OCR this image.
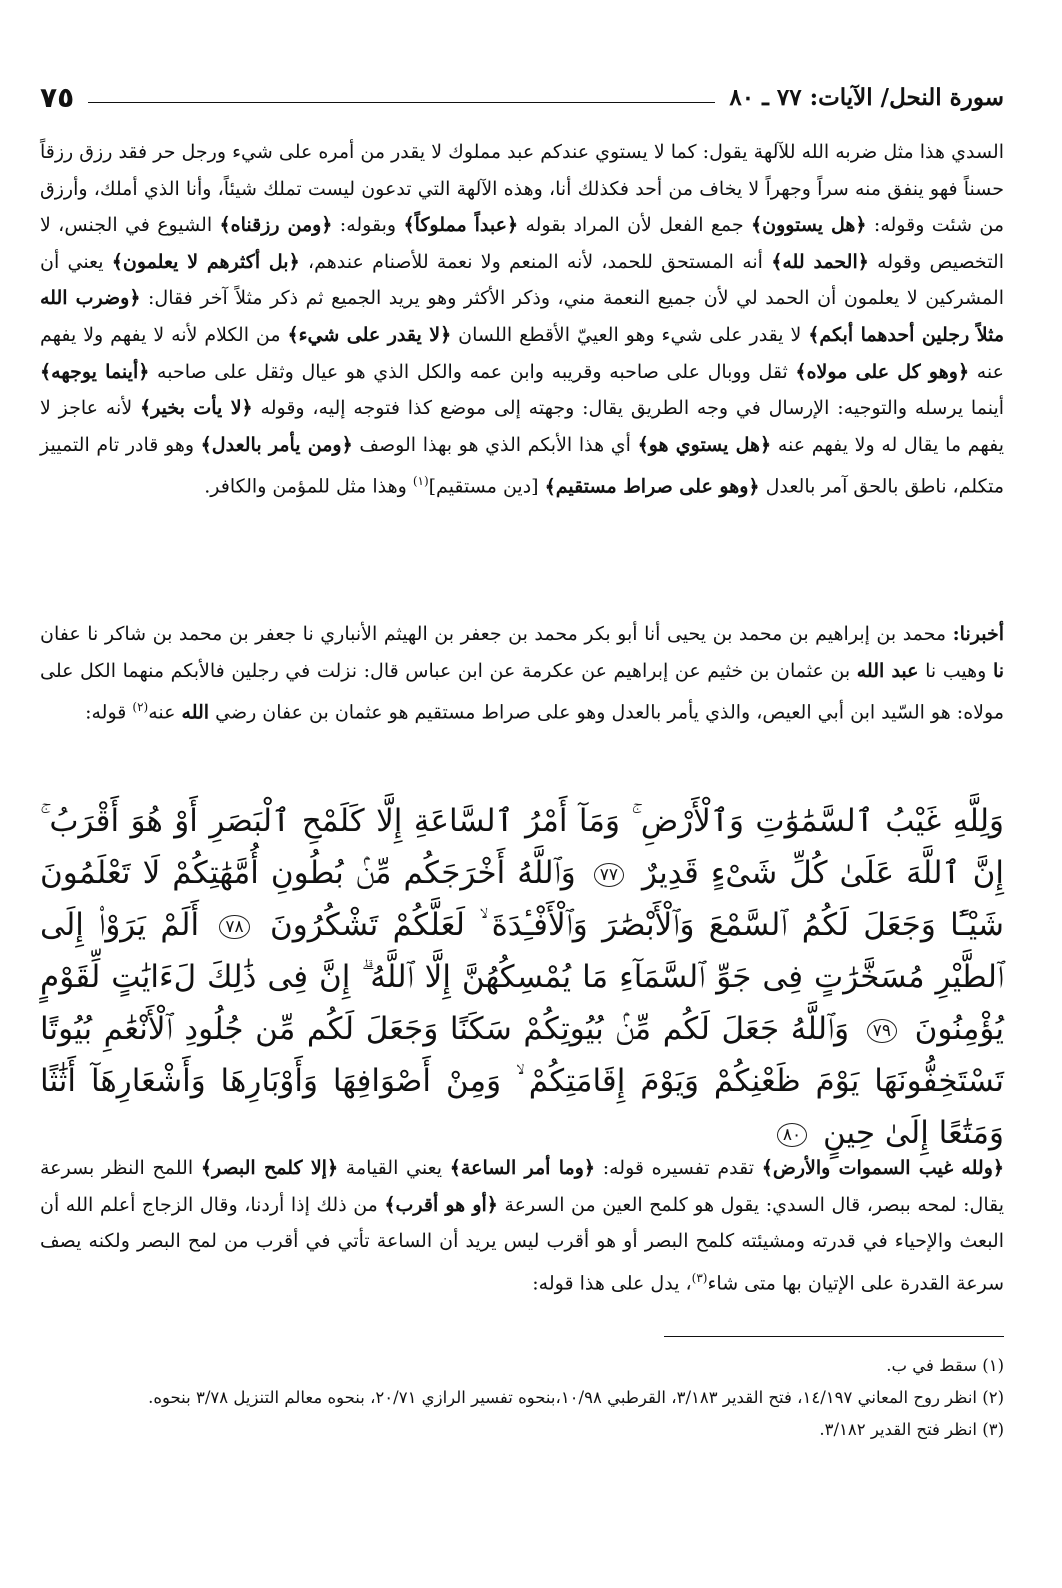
سورة النحل/ الآيات: ٧٧ ـ ٨٠
٧٥

السدي هذا مثل ضربه الله للآلهة يقول: كما لا يستوي عندكم عبد مملوك لا يقدر من أمره على شيء ورجل حر فقد رزق رزقاً حسناً فهو ينفق منه سراً وجهراً لا يخاف من أحد فكذلك أنا، وهذه الآلهة التي تدعون ليست تملك شيئاً، وأنا الذي أملك، وأرزق من شئت وقوله: ﴿ هل يستوون ﴾ جمع الفعل لأن المراد بقوله ﴿ عبداً مملوكاً ﴾ وبقوله: ﴿ ومن رزقناه ﴾ الشيوع في الجنس، لا التخصيص وقوله ﴿ الحمد لله ﴾ أنه المستحق للحمد، لأنه المنعم ولا نعمة للأصنام عندهم، ﴿ بل أكثرهم لا يعلمون ﴾ يعني أن المشركين لا يعلمون أن الحمد لي لأن جميع النعمة مني، وذكر الأكثر وهو يريد الجميع ثم ذكر مثلاً آخر فقال: ﴿ وضرب الله مثلاً رجلين أحدهما أبكم ﴾ لا يقدر على شيء وهو العييّ الأقطع اللسان ﴿ لا يقدر على شيء ﴾ من الكلام لأنه لا يفهم ولا يفهم عنه ﴿ وهو كل على مولاه ﴾ ثقل ووبال على صاحبه وقريبه وابن عمه والكل الذي هو عيال وثقل على صاحبه ﴿ أينما يوجهه ﴾ أينما يرسله والتوجيه: الإرسال في وجه الطريق يقال: وجهته إلى موضع كذا فتوجه إليه، وقوله ﴿ لا يأت بخير ﴾ لأنه عاجز لا يفهم ما يقال له ولا يفهم عنه ﴿ هل يستوي هو ﴾ أي هذا الأبكم الذي هو بهذا الوصف ﴿ ومن يأمر بالعدل ﴾ وهو قادر تام التمييز متكلم، ناطق بالحق آمر بالعدل ﴿ وهو على صراط مستقيم ﴾ [دين مستقيم]$^{(١)}$ وهذا مثل للمؤمن والكافر.

أخبرنا: محمد بن إبراهيم بن محمد بن يحيى أنا أبو بكر محمد بن جعفر بن الهيثم الأنباري نا جعفر بن محمد بن شاكر نا عفان نا وهيب نا عبد الله بن عثمان بن خثيم عن إبراهيم عن عكرمة عن ابن عباس قال: نزلت في رجلين فالأبكم منهما الكل على مولاه: هو السّيد ابن أبي العيص، والذي يأمر بالعدل وهو على صراط مستقيم هو عثمان بن عفان رضي الله عنه$^{(٢)}$ قوله:

وَلِلَّهِ غَيْبُ ٱلسَّمَٰوَٰتِ وَٱلْأَرْضِ ۚ وَمَآ أَمْرُ ٱلسَّاعَةِ إِلَّا كَلَمْحِ ٱلْبَصَرِ أَوْ هُوَ أَقْرَبُ ۚ إِنَّ ٱللَّهَ عَلَىٰ كُلِّ شَىْءٍ قَدِيرٌ ٧٧ وَٱللَّهُ أَخْرَجَكُم مِّنۢ بُطُونِ أُمَّهَٰتِكُمْ لَا تَعْلَمُونَ شَيْـًٔا وَجَعَلَ لَكُمُ ٱلسَّمْعَ وَٱلْأَبْصَٰرَ وَٱلْأَفْـِٔدَةَ ۙ لَعَلَّكُمْ تَشْكُرُونَ ٧٨ أَلَمْ يَرَوْا۟ إِلَى ٱلطَّيْرِ مُسَخَّرَٰتٍ فِى جَوِّ ٱلسَّمَآءِ مَا يُمْسِكُهُنَّ إِلَّا ٱللَّهُ ۗ إِنَّ فِى ذَٰلِكَ لَءَايَٰتٍ لِّقَوْمٍ يُؤْمِنُونَ ٧٩ وَٱللَّهُ جَعَلَ لَكُم مِّنۢ بُيُوتِكُمْ سَكَنًا وَجَعَلَ لَكُم مِّن جُلُودِ ٱلْأَنْعَٰمِ بُيُوتًا تَسْتَخِفُّونَهَا يَوْمَ ظَعْنِكُمْ وَيَوْمَ إِقَامَتِكُمْ ۙ وَمِنْ أَصْوَافِهَا وَأَوْبَارِهَا وَأَشْعَارِهَآ أَثَٰثًا وَمَتَٰعًا إِلَىٰ حِينٍ ٨٠

﴿ ولله غيب السموات والأرض ﴾ تقدم تفسيره قوله: ﴿ وما أمر الساعة ﴾ يعني القيامة ﴿ إلا كلمح البصر ﴾ اللمح النظر بسرعة يقال: لمحه ببصر، قال السدي: يقول هو كلمح العين من السرعة ﴿ أو هو أقرب ﴾ من ذلك إذا أردنا، وقال الزجاج أعلم الله أن البعث والإحياء في قدرته ومشيئته كلمح البصر أو هو أقرب ليس يريد أن الساعة تأتي في أقرب من لمح البصر ولكنه يصف سرعة القدرة على الإتيان بها متى شاء$^{(٣)}$، يدل على هذا قوله:

(١) سقط في ب.

(٢) انظر روح المعاني ١٤/١٩٧، فتح القدير ٣/١٨٣، القرطبي ١٠/٩٨،بنحوه تفسير الرازي ٢٠/٧١، بنحوه معالم التنزيل ٣/٧٨ بنحوه.

(٣) انظر فتح القدير ٣/١٨٢.
